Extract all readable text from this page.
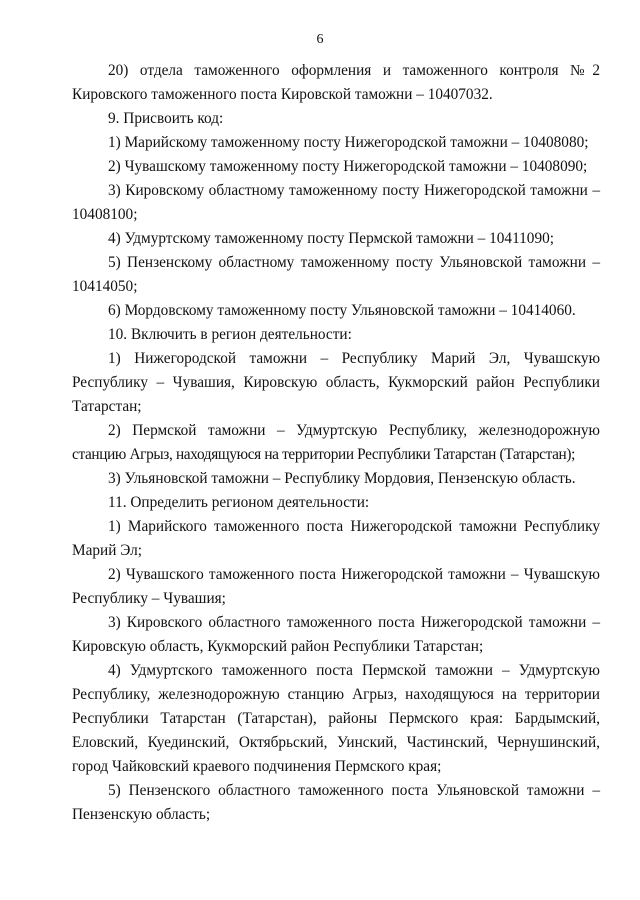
6
20) отдела таможенного оформления и таможенного контроля №2
Кировского таможенного поста Кировской таможни – 10407032.
9. Присвоить код:
1) Марийскому таможенному посту Нижегородской таможни – 10408080;
2) Чувашскому таможенному посту Нижегородской таможни – 10408090;
3) Кировскому областному таможенному посту Нижегородской таможни –
10408100;
4) Удмуртскому таможенному посту Пермской таможни – 10411090;
5) Пензенскому областному таможенному посту Ульяновской таможни –
10414050;
6) Мордовскому таможенному посту Ульяновской таможни – 10414060.
10. Включить в регион деятельности:
1) Нижегородской таможни – Республику Марий Эл, Чувашскую
Республику – Чувашия, Кировскую область, Кукморский район Республики
Татарстан;
2) Пермской таможни – Удмуртскую Республику, железнодорожную
станцию Агрыз, находящуюся на территории Республики Татарстан (Татарстан);
3) Ульяновской таможни – Республику Мордовия, Пензенскую область.
11. Определить регионом деятельности:
1) Марийского таможенного поста Нижегородской таможни Республику
Марий Эл;
2) Чувашского таможенного поста Нижегородской таможни – Чувашскую
Республику – Чувашия;
3) Кировского областного таможенного поста Нижегородской таможни –
Кировскую область, Кукморский район Республики Татарстан;
4) Удмуртского таможенного поста Пермской таможни – Удмуртскую
Республику, железнодорожную станцию Агрыз, находящуюся на территории
Республики Татарстан (Татарстан), районы Пермского края: Бардымский,
Еловский, Куединский, Октябрьский, Уинский, Частинский, Чернушинский,
город Чайковский краевого подчинения Пермского края;
5) Пензенского областного таможенного поста Ульяновской таможни –
Пензенскую область;
